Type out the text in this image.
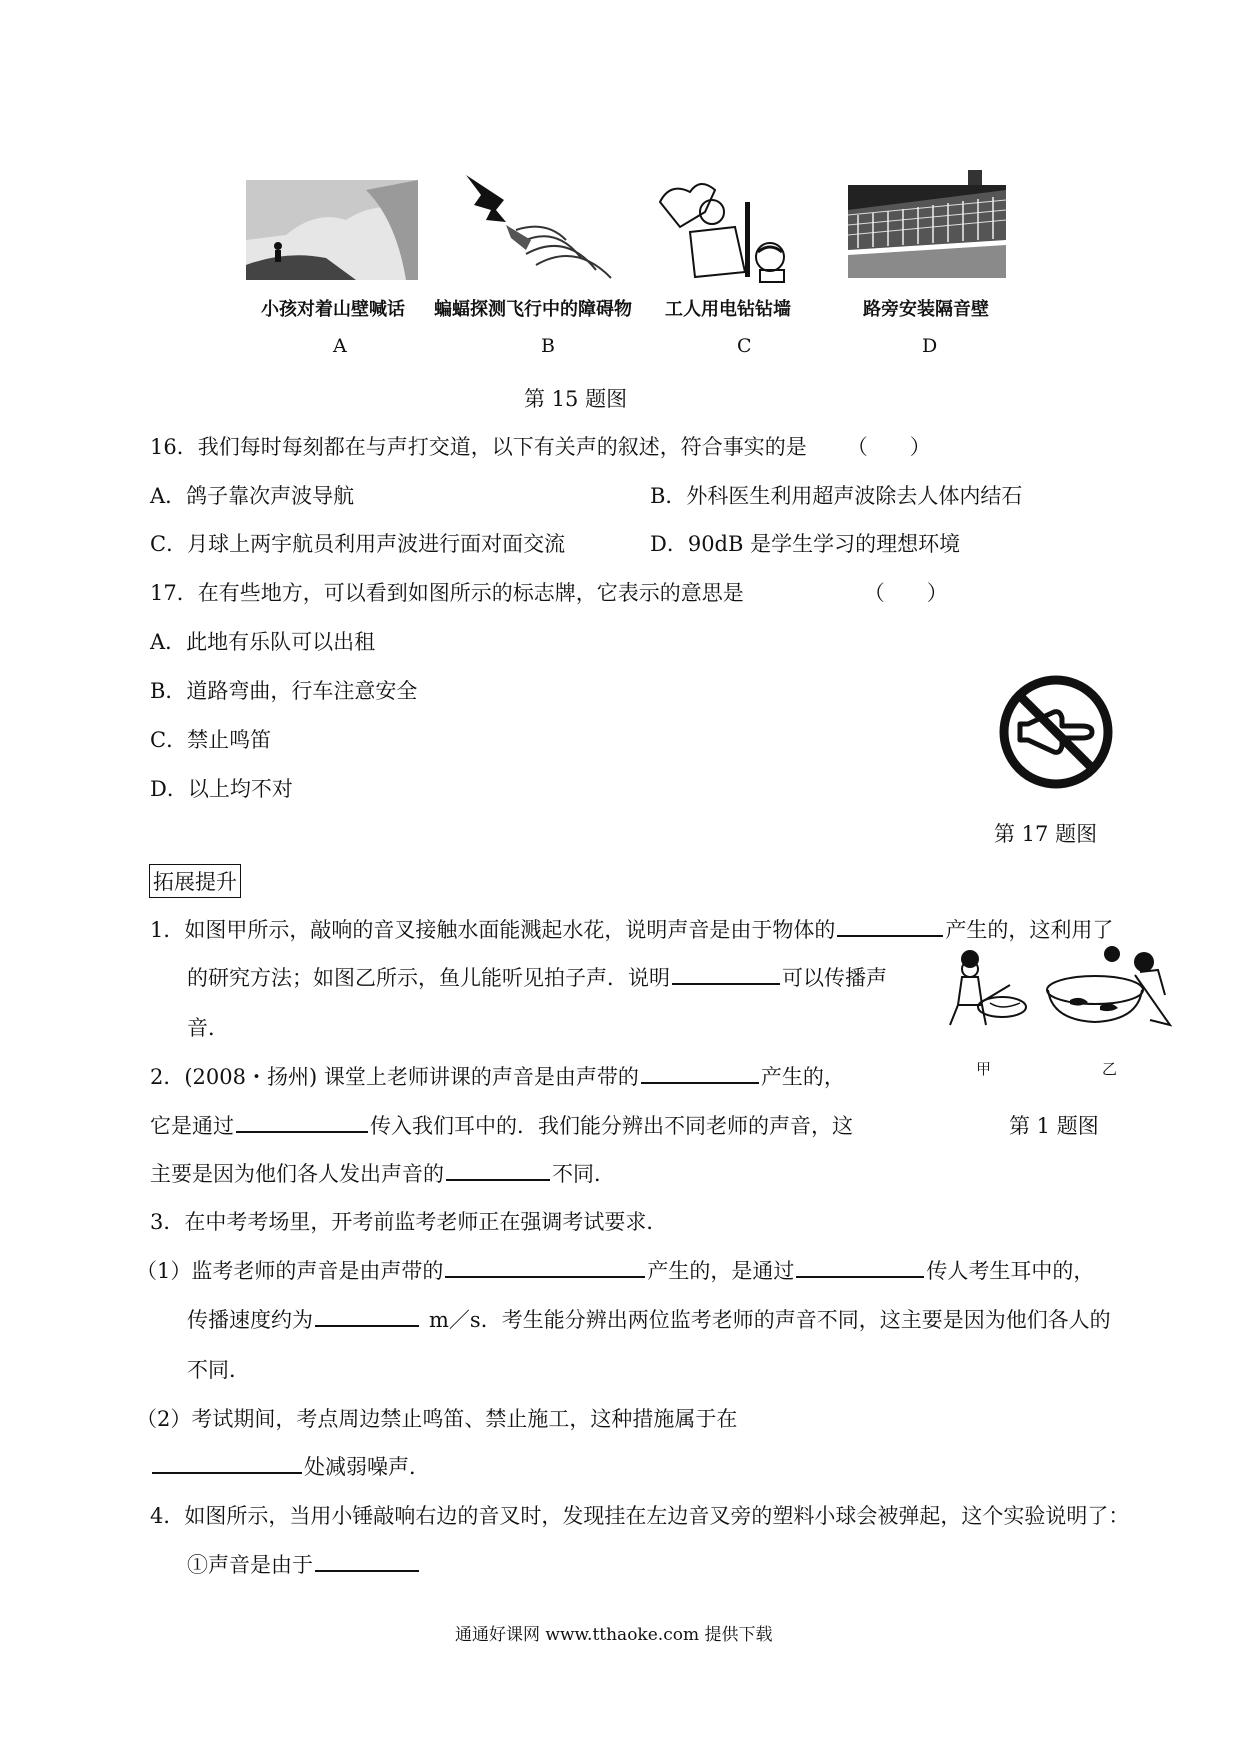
小孩对着山壁喊话 蝙蝠探测飞行中的障碍物 工人用电钻钻墙	路旁安装隔音壁
A	B	C	D
第 15 题图
16．我们每时每刻都在与声打交道，以下有关声的叙述，符合事实的是 （　　）
A．鸽子靠次声波导航	B．外科医生利用超声波除去人体内结石
C．月球上两宇航员利用声波进行面对面交流	D．90dB 是学生学习的理想环境
17．在有些地方，可以看到如图所示的标志牌，它表示的意思是	（　　）
A．此地有乐队可以出租
B．道路弯曲，行车注意安全
C．禁止鸣笛
D．以上均不对
第 17 题图
拓展提升
1．如图甲所示，敲响的音叉接触水面能溅起水花，说明声音是由于物体的	产生的，这利用了
的研究方法；如图乙所示，鱼儿能听见拍子声．说明	可以传播声
音．
甲	乙
第 1 题图
2．(2008・扬州) 课堂上老师讲课的声音是由声带的	产生的，
它是通过	传入我们耳中的．我们能分辨出不同老师的声音，这
主要是因为他们各人发出声音的	不同．
3．在中考考场里，开考前监考老师正在强调考试要求．
（1）监考老师的声音是由声带的	产生的，是通过	传人考生耳中的，
传播速度约为	m／s．考生能分辨出两位监考老师的声音不同，这主要是因为他们各人的
不同．
（2）考试期间，考点周边禁止鸣笛、禁止施工，这种措施属于在
处减弱噪声．
4．如图所示，当用小锤敲响右边的音叉时，发现挂在左边音叉旁的塑料小球会被弹起，这个实验说明了：
①声音是由于
通通好课网 www.tthaoke.com 提供下载
